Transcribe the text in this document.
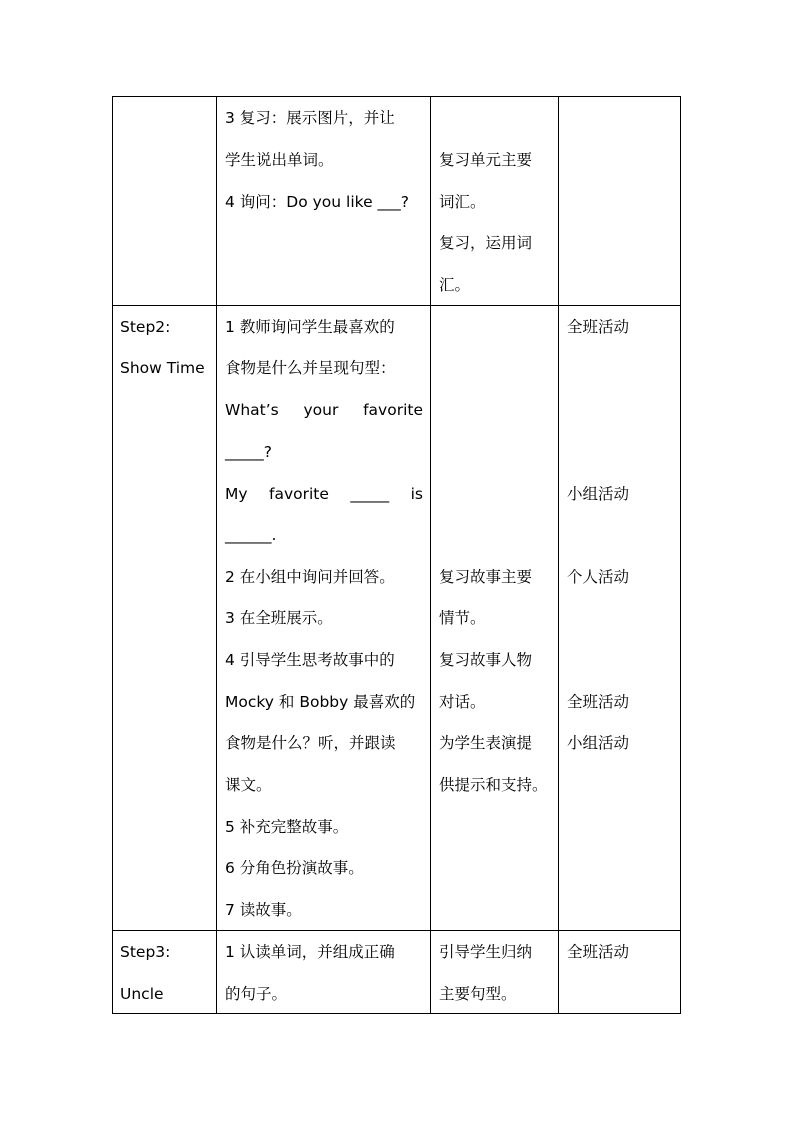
3 复习：展示图片，并让
学生说出单词。
4 询问：Do you like ___?
复习单元主要
词汇。
复习，运用词
汇。
Step2:
Show Time
1 教师询问学生最喜欢的
食物是什么并呈现句型：
What’s your favorite
_____?
My favorite _____ is
______.
2 在小组中询问并回答。
3 在全班展示。
4 引导学生思考故事中的
Mocky 和 Bobby 最喜欢的
食物是什么？听，并跟读
课文。
5 补充完整故事。
6 分角色扮演故事。
7 读故事。
复习故事主要
情节。
复习故事人物
对话。
为学生表演提
供提示和支持。
全班活动
小组活动
个人活动
全班活动
小组活动
Step3:
Uncle
1 认读单词，并组成正确
的句子。
引导学生归纳
主要句型。
全班活动
